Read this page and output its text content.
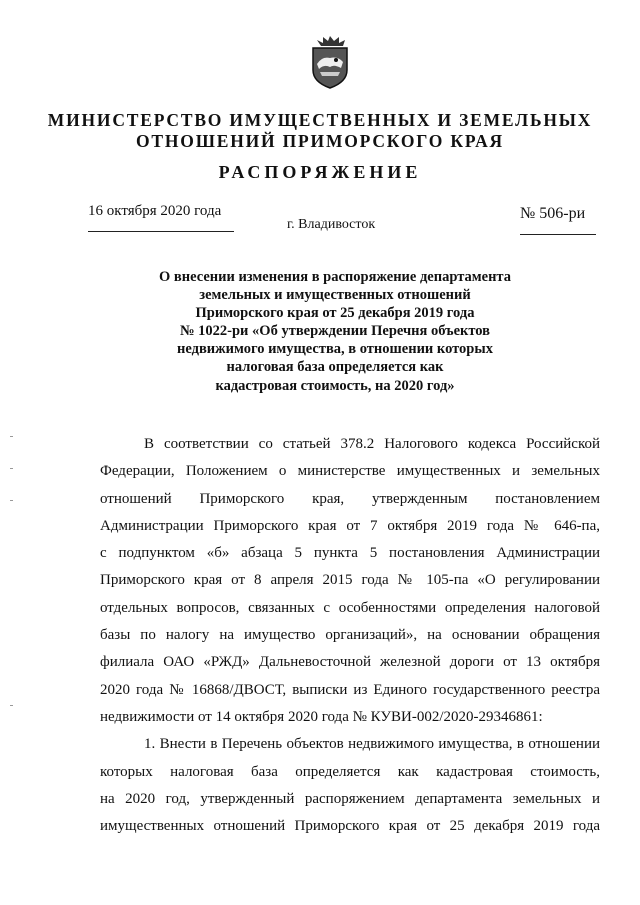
МИНИСТЕРСТВО ИМУЩЕСТВЕННЫХ И ЗЕМЕЛЬНЫХ
ОТНОШЕНИЙ ПРИМОРСКОГО КРАЯ
РАСПОРЯЖЕНИЕ
16 октября 2020 года
г. Владивосток
№ 506-ри
О внесении изменения в распоряжение департамента
земельных и имущественных отношений
Приморского края от 25 декабря 2019 года
№ 1022-ри «Об утверждении Перечня объектов
недвижимого имущества, в отношении которых
налоговая база определяется как
кадастровая стоимость, на 2020 год»
В соответствии со статьей 378.2 Налогового кодекса Российской
Федерации, Положением о министерстве имущественных и земельных
отношений Приморского края, утвержденным постановлением
Администрации Приморского края от 7 октября 2019 года № 646-па,
с подпунктом «б» абзаца 5 пункта 5 постановления Администрации
Приморского края от 8 апреля 2015 года № 105-па «О регулировании
отдельных вопросов, связанных с особенностями определения налоговой
базы по налогу на имущество организаций», на основании обращения
филиала ОАО «РЖД» Дальневосточной железной дороги от 13 октября
2020 года № 16868/ДВОСТ, выписки из Единого государственного реестра
недвижимости от 14 октября 2020 года № КУВИ-002/2020-29346861:
1. Внести в Перечень объектов недвижимого имущества, в отношении
которых налоговая база определяется как кадастровая стоимость,
на 2020 год, утвержденный распоряжением департамента земельных и
имущественных отношений Приморского края от 25 декабря 2019 года
